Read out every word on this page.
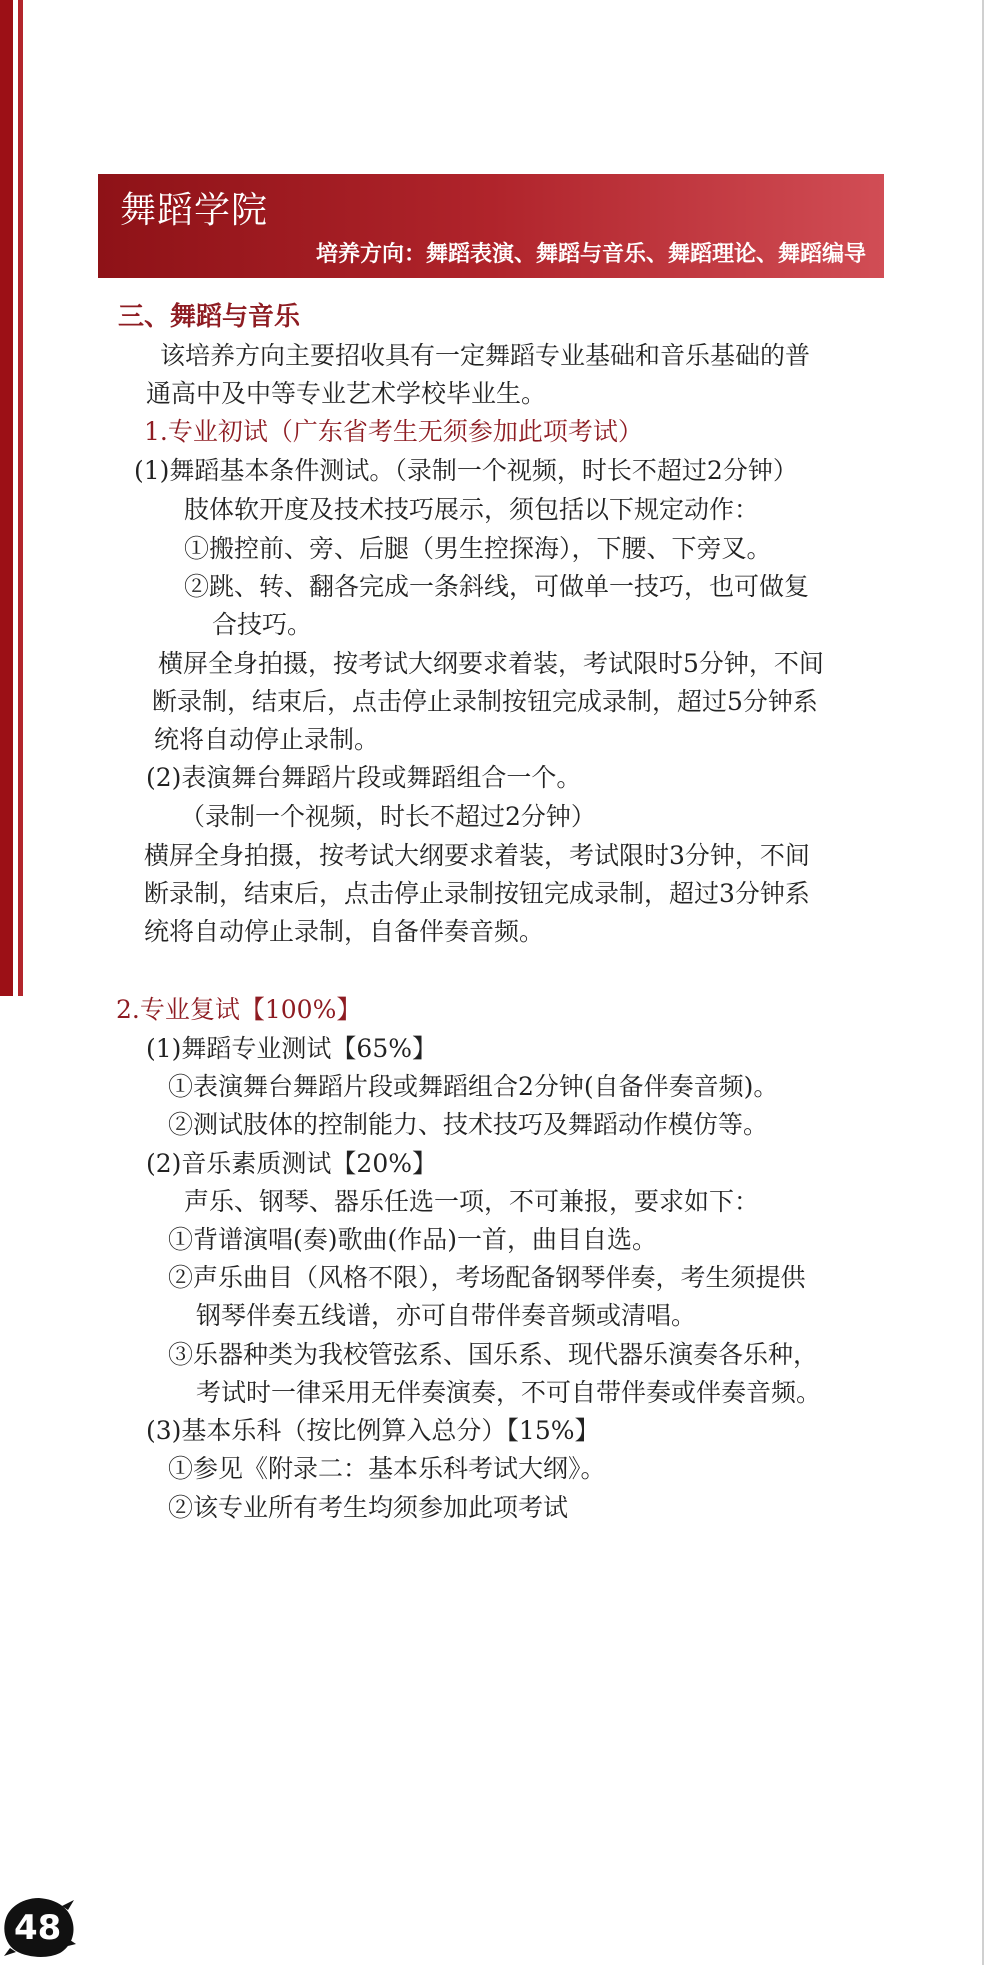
舞蹈学院
培养方向：舞蹈表演、舞蹈与音乐、舞蹈理论、舞蹈编导
三、舞蹈与音乐
该培养方向主要招收具有一定舞蹈专业基础和音乐基础的普
通高中及中等专业艺术学校毕业生。
1.专业初试（广东省考生无须参加此项考试）
(1)舞蹈基本条件测试。（录制一个视频，时长不超过2分钟）
肢体软开度及技术技巧展示，须包括以下规定动作：
①搬控前、旁、后腿（男生控探海），下腰、下旁叉。
②跳、转、翻各完成一条斜线，可做单一技巧，也可做复
合技巧。
横屏全身拍摄，按考试大纲要求着装，考试限时5分钟，不间
断录制，结束后，点击停止录制按钮完成录制，超过5分钟系
统将自动停止录制。
(2)表演舞台舞蹈片段或舞蹈组合一个。
（录制一个视频，时长不超过2分钟）
横屏全身拍摄，按考试大纲要求着装，考试限时3分钟，不间
断录制，结束后，点击停止录制按钮完成录制，超过3分钟系
统将自动停止录制，自备伴奏音频。
2.专业复试【100%】
(1)舞蹈专业测试【65%】
①表演舞台舞蹈片段或舞蹈组合2分钟(自备伴奏音频)。
②测试肢体的控制能力、技术技巧及舞蹈动作模仿等。
(2)音乐素质测试【20%】
声乐、钢琴、器乐任选一项，不可兼报，要求如下：
①背谱演唱(奏)歌曲(作品)一首，曲目自选。
②声乐曲目（风格不限），考场配备钢琴伴奏，考生须提供
钢琴伴奏五线谱，亦可自带伴奏音频或清唱。
③乐器种类为我校管弦系、国乐系、现代器乐演奏各乐种，
考试时一律采用无伴奏演奏，不可自带伴奏或伴奏音频。
(3)基本乐科（按比例算入总分）【15%】
①参见《附录二：基本乐科考试大纲》。
②该专业所有考生均须参加此项考试
48
